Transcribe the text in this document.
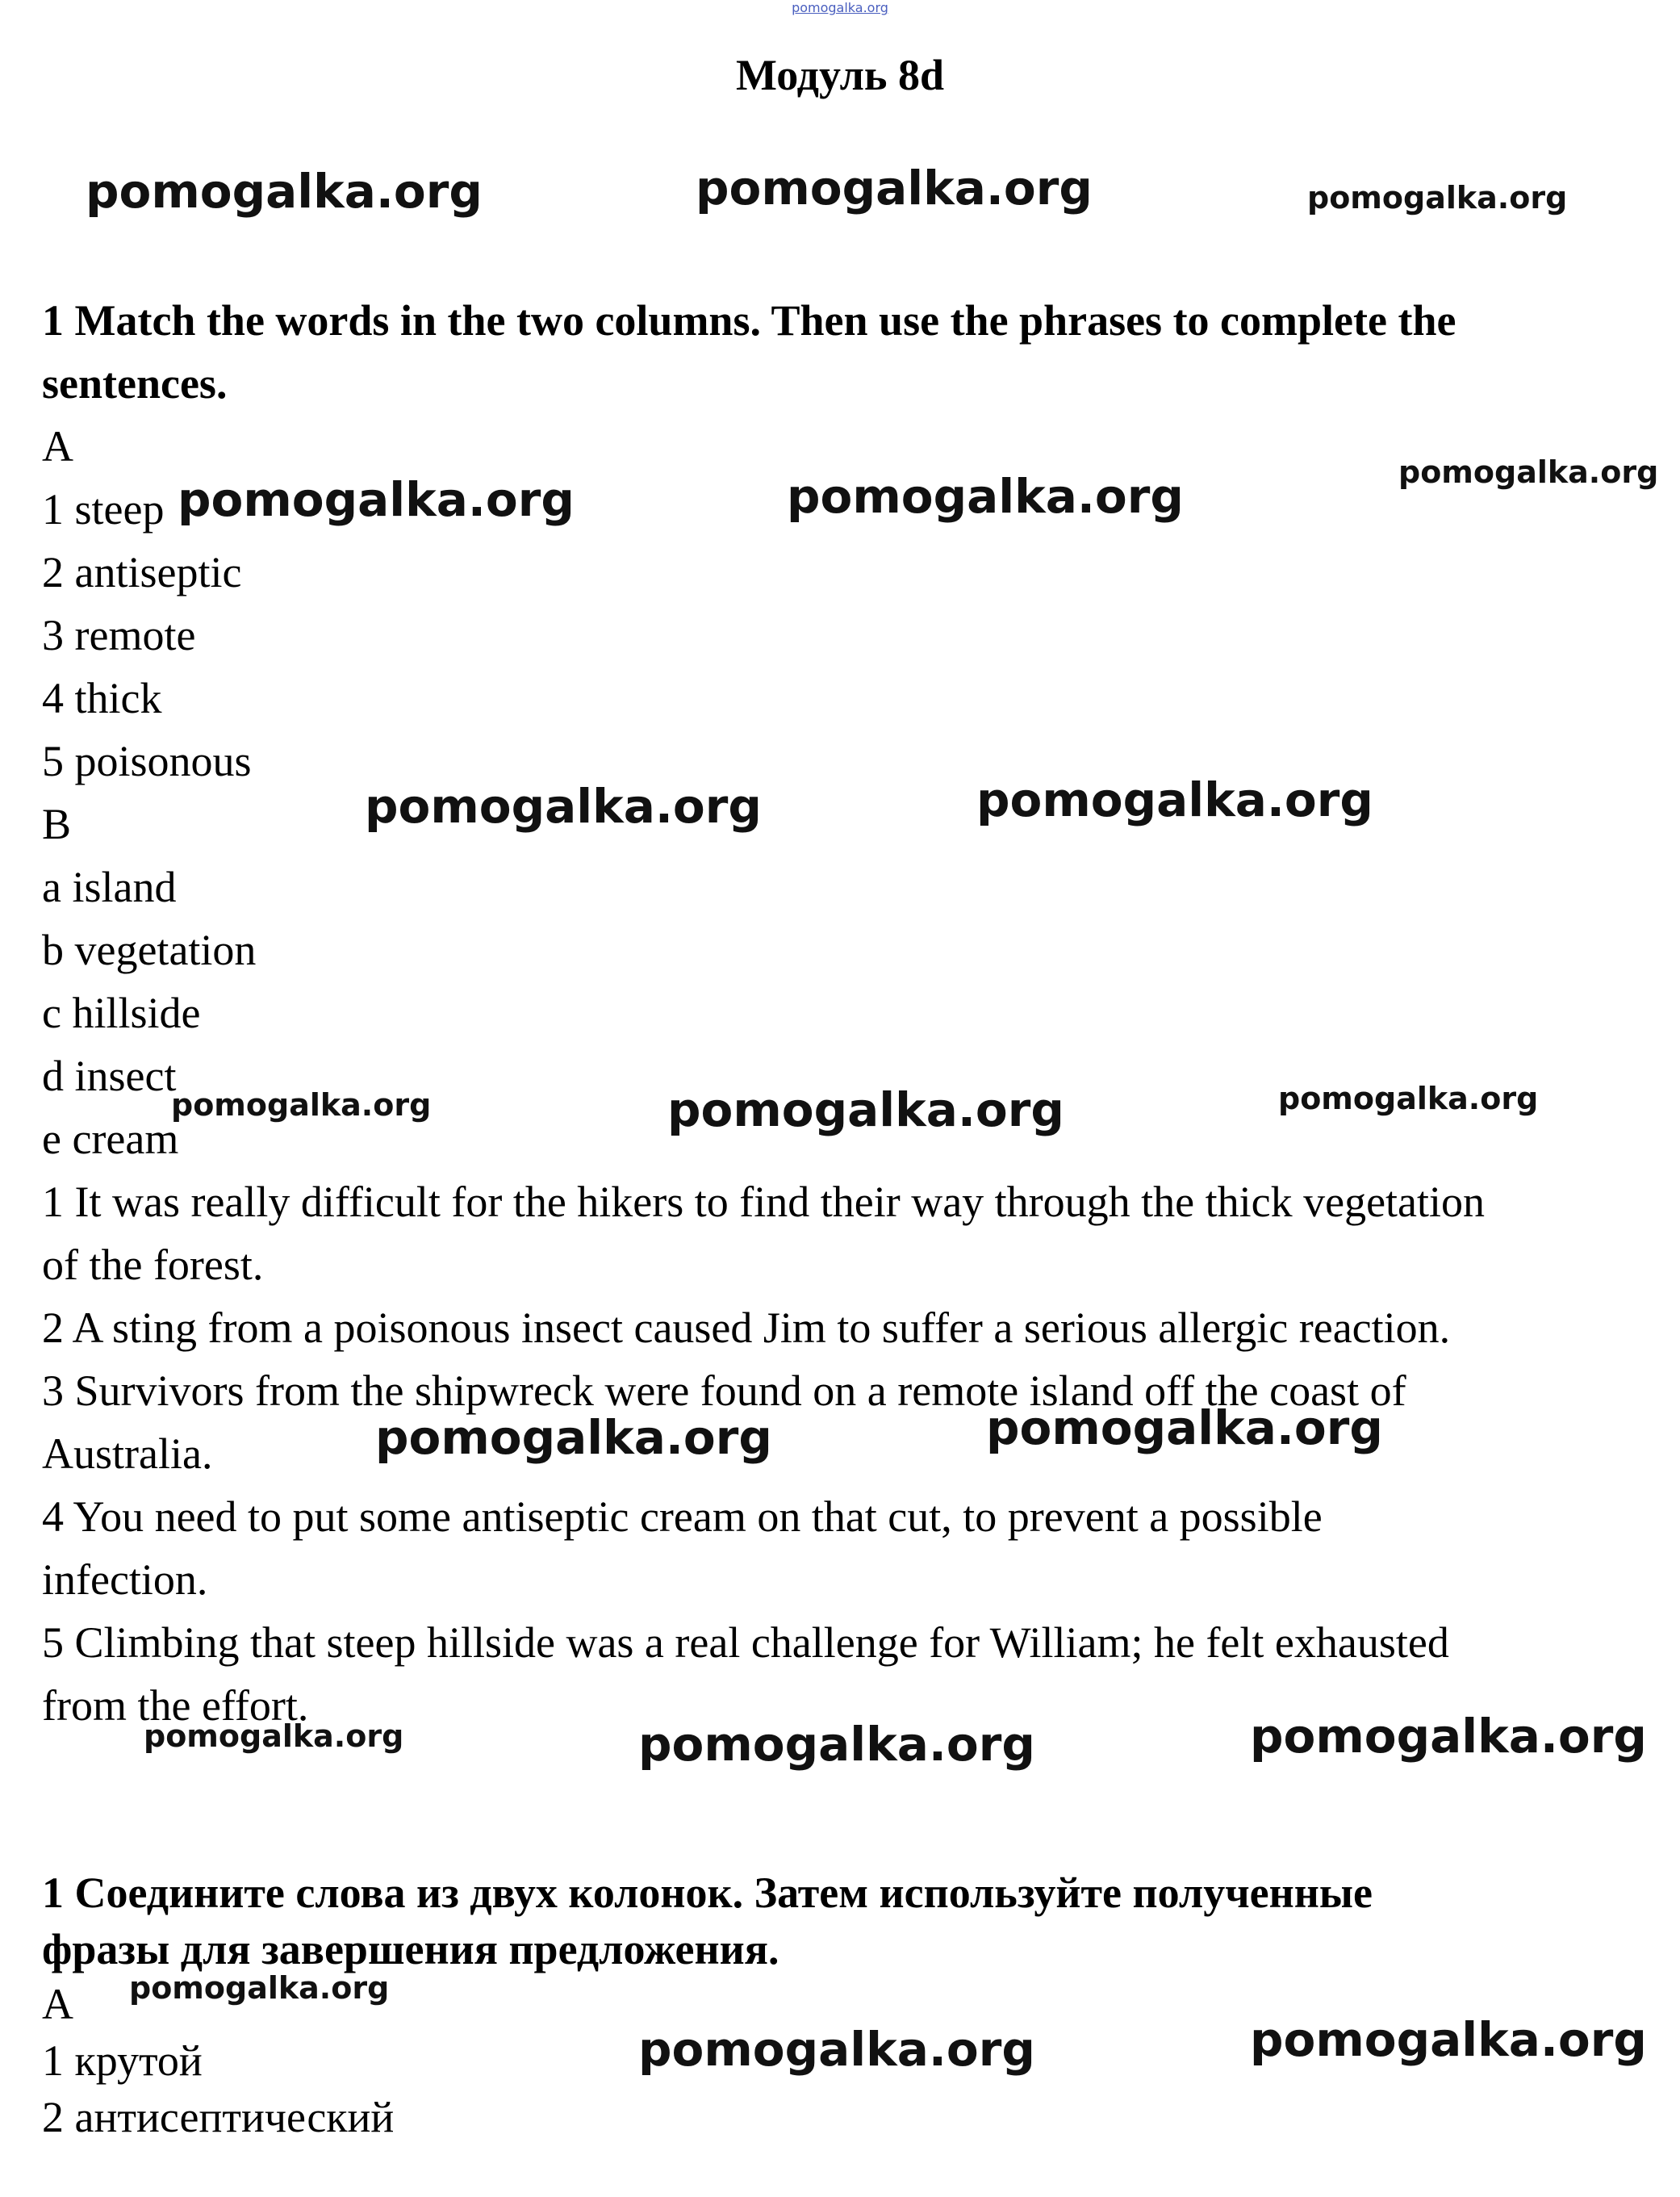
pomogalka.org
Модуль 8d
1 Match the words in the two columns. Then use the phrases to complete the
sentences.
A
1 steep
2 antiseptic
3 remote
4 thick
5 poisonous
B
a island
b vegetation
c hillside
d insect
e cream
1 It was really difficult for the hikers to find their way through the thick vegetation
of the forest.
2 A sting from a poisonous insect caused Jim to suffer a serious allergic reaction.
3 Survivors from the shipwreck were found on a remote island off the coast of
Australia.
4 You need to put some antiseptic cream on that cut, to prevent a possible
infection.
5 Climbing that steep hillside was a real challenge for William; he felt exhausted
from the effort.
1 Соедините слова из двух колонок. Затем используйте полученные
фразы для завершения предложения.
A
1 крутой
2 антисептический
pomogalka.org	pomogalka.org	pomogalka.org
pomogalka.org	pomogalka.org	pomogalka.org
pomogalka.org	pomogalka.org
pomogalka.org	pomogalka.org	pomogalka.org
pomogalka.org	pomogalka.org
pomogalka.org	pomogalka.org	pomogalka.org
pomogalka.org
pomogalka.org	pomogalka.org
